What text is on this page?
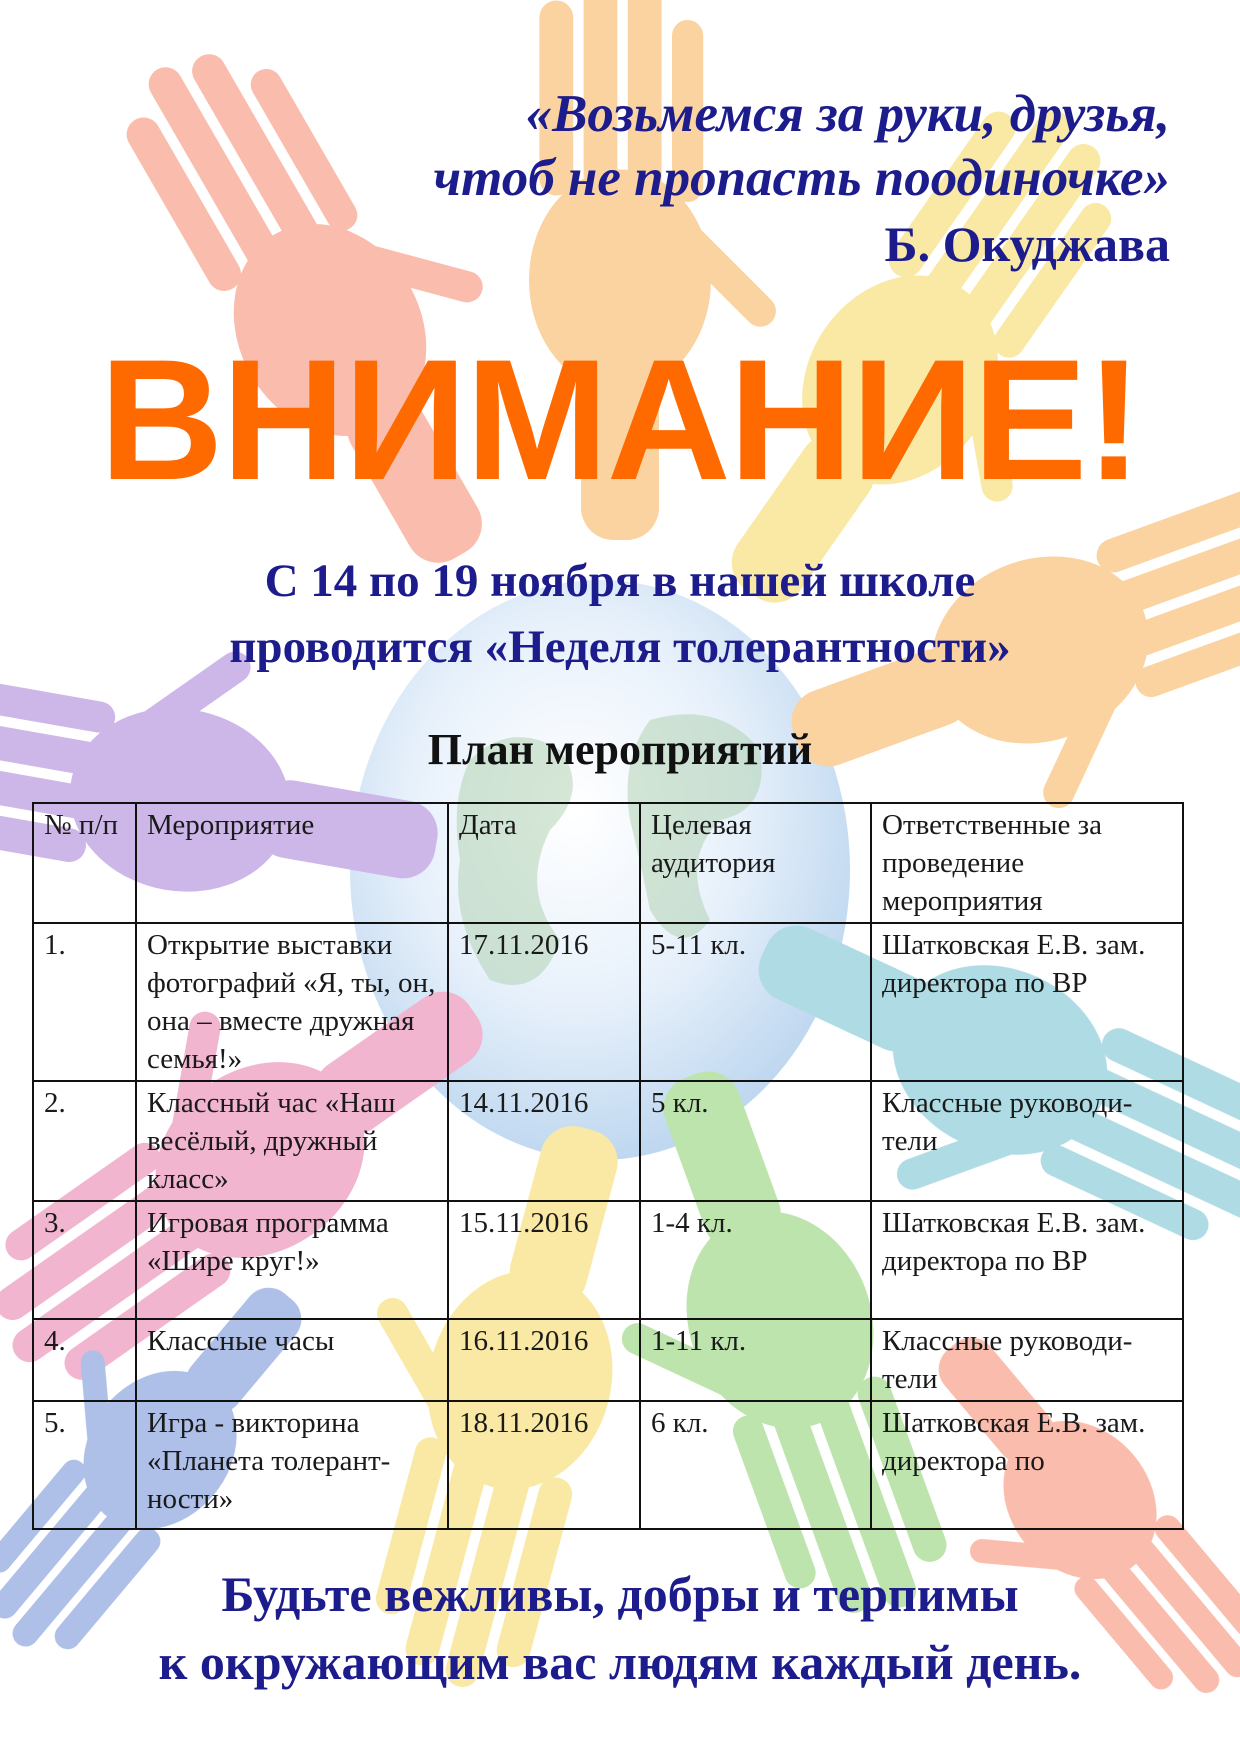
«Возьмемся за руки, друзья,
чтоб не пропасть поодиночке»
Б. Окуджава
ВНИМАНИЕ!
С 14 по 19 ноября в нашей школе
проводится «Неделя толерантности»
План мероприятий
№ п/п	Мероприятие	Дата	Целевая аудитория	Ответственные за проведение мероприятия
1.	Открытие выставки фотографий «Я, ты, он, она – вместе дружная семья!»	17.11.2016	5-11 кл.	Шатковская Е.В. зам. директора по ВР
2.	Классный час «Наш весёлый, дружный класс»	14.11.2016	5 кл.	Классные руководи-тели
3.	Игровая программа «Шире круг!»	15.11.2016	1-4 кл.	Шатковская Е.В. зам. директора по ВР
4.	Классные часы	16.11.2016	1-11 кл.	Классные руководи-тели
5.	Игра - викторина «Планета толерант-ности»	18.11.2016	6 кл.	Шатковская Е.В. зам. директора по
Будьте вежливы, добры и терпимы
к окружающим вас людям каждый день.
